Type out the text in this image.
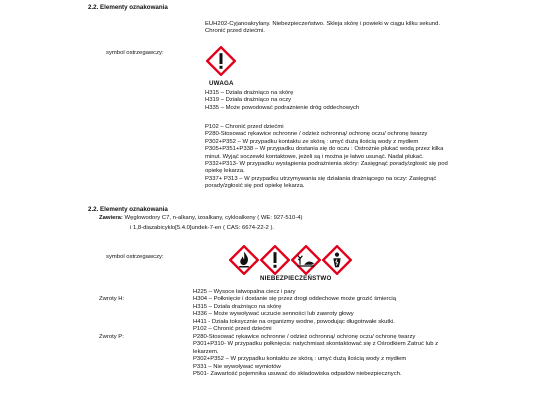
2.2. Elementy oznakowania
EUH202-Cyjanoakrylany. Niebezpieczeństwo. Skleja skórę i powieki w ciągu kilku sekund.
Chronić przed dziećmi.
symbol ostrzegawczy:
UWAGA
H315 – Działa drażniąco na skórę
H319 – Działa drażniąco na oczy
H335 – Może powodować podrażnienie dróg oddechowych
P102 – Chronić przed dziećmi
P280-Stosować rękawice ochronne / odzież ochronną/ ochronę oczu/ ochronę twarzy
P302+P352 – W przypadku kontaktu ze skórą : umyć dużą ilością wody z mydłem
P305+P351+P338 – W przypadku dostania się do oczu : Ostrożnie płukać wodą przez kilka
minut. Wyjąć soczewki kontaktowe, jeżeli są i można je łatwo usunąć. Nadal płukać.
P332+P313- W przypadku wystąpienia podrażnienia skóry: Zasięgnąć porady/zgłosić się pod
opiekę lekarza.
P337+ P313 – W przypadku utrzymywania się działania drażniącego na oczy: Zasięgnąć
porady/zgłosić się pod opiekę lekarza.
2.2. Elementy oznakowania
Zawiera: Węglowodory C7, n-alkany, izoalkany, cykloalkeny ( WE: 927-510-4)
i 1,8-diazabicyklo[5.4.0]undek-7-en ( CAS: 6674-22-2 ).
symbol ostrzegawczy:
NIEBEZPIECZEŃSTWO
H225 – Wysoce łatwopalna ciecz i pary
H304 – Połknięcie i dostanie się przez drogi oddechowe może grozić śmiercią
H315 – Działa drażniąco na skórę
H336 – Może wywoływać uczucie senności lub zawroty głowy
H411 - Działa toksycznie na organizmy wodne, powodując długotrwałe skutki.
P102 – Chronić przed dziećmi
Zwroty H:
P280-Stosować rękawice ochronne / odzież ochronną/ ochronę oczu/ ochronę twarzy
P301+P310- W przypadku połknięcia: natychmiast skontaktować się z Ośrodkiem Zatruć lub z
lekarzem.
P302+P352 – W przypadku kontaktu ze skórą : umyć dużą ilością wody z mydłem
P331 – Nie wywoływać wymiotów
P501- Zawartość pojemnika usuwać do składowiska odpadów niebezpiecznych.
Zwroty P:
